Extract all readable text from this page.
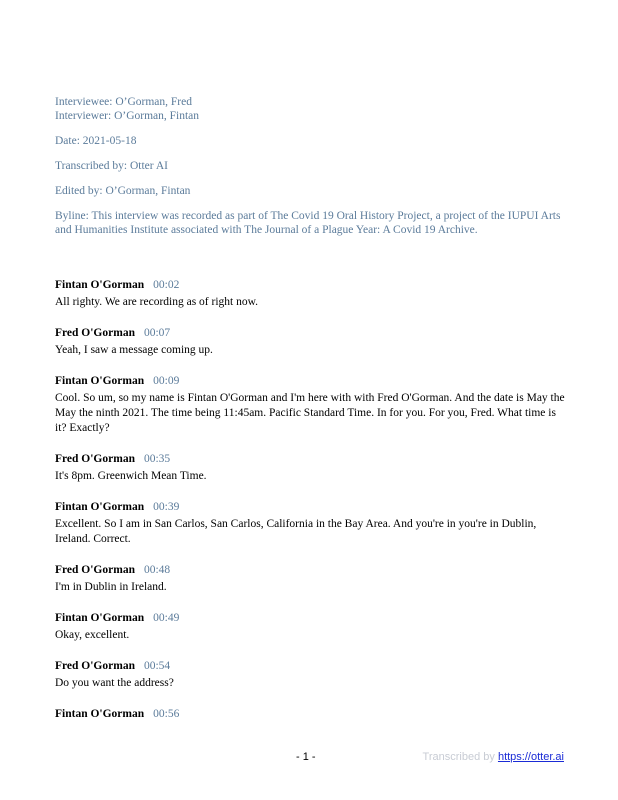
Interviewee: O’Gorman, Fred
Interviewer: O’Gorman, Fintan

Date: 2021-05-18

Transcribed by: Otter AI

Edited by: O’Gorman, Fintan

Byline: This interview was recorded as part of The Covid 19 Oral History Project, a project of the IUPUI Arts and Humanities Institute associated with The Journal of a Plague Year: A Covid 19 Archive.

Fintan O'Gorman 00:02

All righty. We are recording as of right now.

Fred O'Gorman 00:07

Yeah, I saw a message coming up.

Fintan O'Gorman 00:09

Cool. So um, so my name is Fintan O'Gorman and I'm here with with Fred O'Gorman. And the date is May the May the ninth 2021. The time being 11:45am. Pacific Standard Time. In for you. For you, Fred. What time is it? Exactly?

Fred O'Gorman 00:35

It's 8pm. Greenwich Mean Time.

Fintan O'Gorman 00:39

Excellent. So I am in San Carlos, San Carlos, California in the Bay Area. And you're in you're in Dublin, Ireland. Correct.

Fred O'Gorman 00:48

I'm in Dublin in Ireland.

Fintan O'Gorman 00:49

Okay, excellent.

Fred O'Gorman 00:54

Do you want the address?

Fintan O'Gorman 00:56

- 1 -	Transcribed by https://otter.ai
